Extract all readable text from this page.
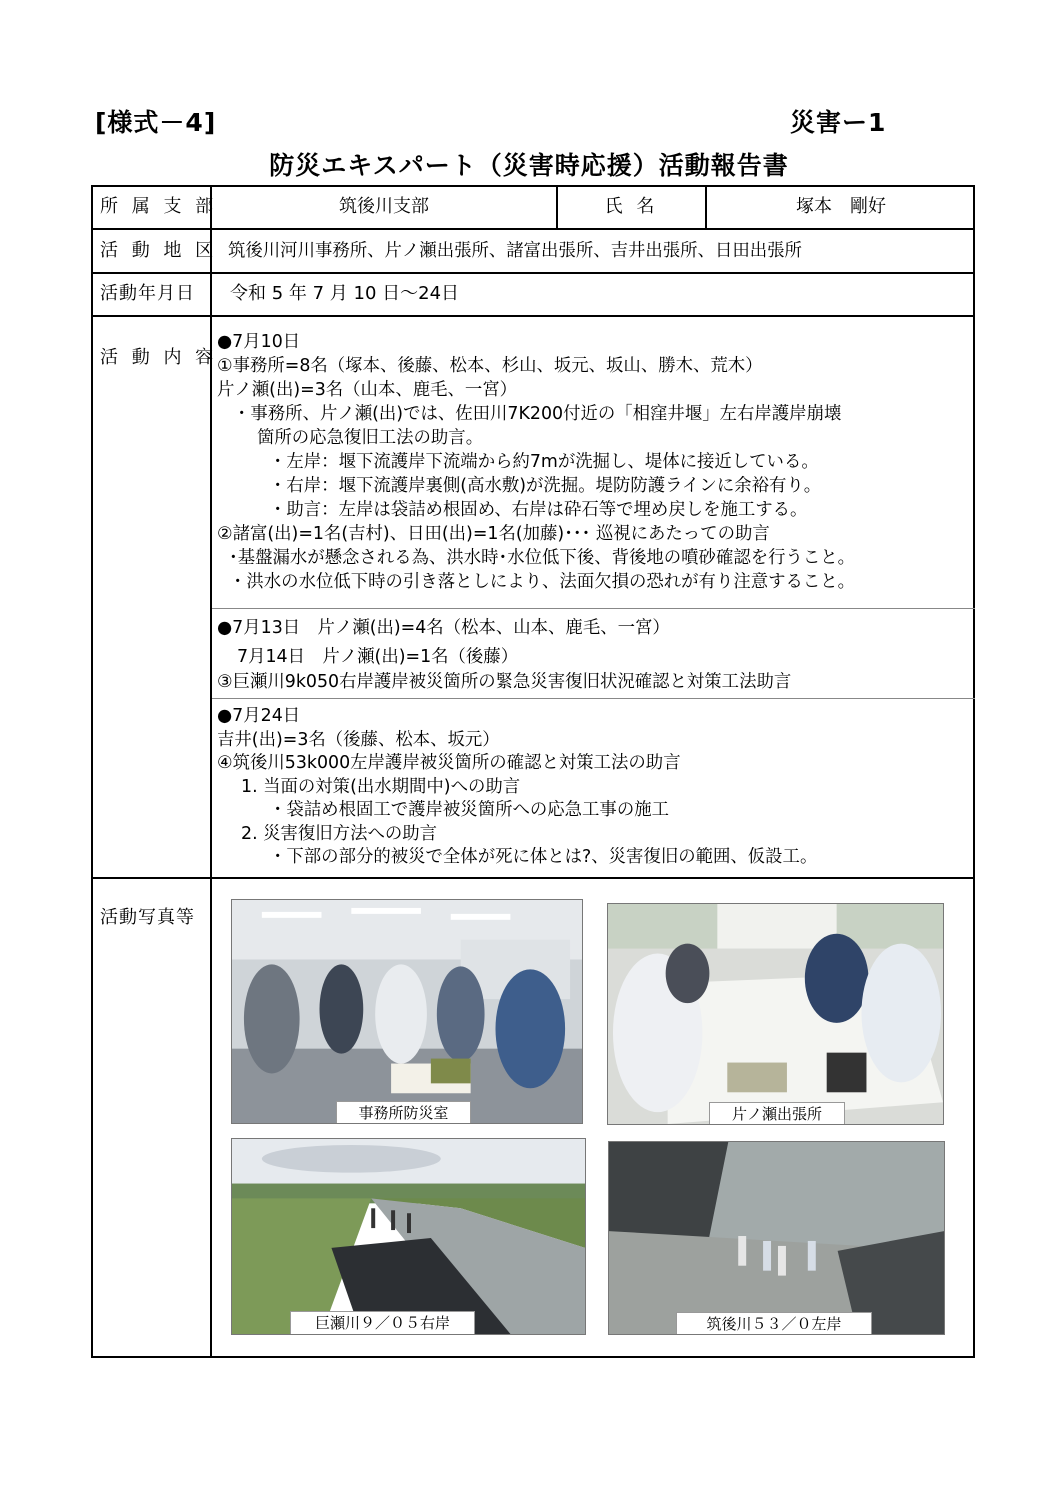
[様式－4]	災害ー1
防災エキスパート（災害時応援）活動報告書
所 属 支 部	筑後川支部	氏 名	塚本　剛好
活 動 地 区 筑後川河川事務所、片ノ瀬出張所、諸富出張所、吉井出張所、日田出張所
活動年月日 令和 5 年 7 月 10 日～24日
活 動 内 容
●7月10日
①事務所=8名（塚本、後藤、松本、杉山、坂元、坂山、勝木、荒木）
片ノ瀬(出)=3名（山本、鹿毛、一宮）
・事務所、片ノ瀬(出)では、佐田川7K200付近の「相窪井堰」左右岸護岸崩壊
箇所の応急復旧工法の助言。
・左岸：堰下流護岸下流端から約7mが洗掘し、堤体に接近している。
・右岸：堰下流護岸裏側(高水敷)が洗掘。堤防防護ラインに余裕有り。
・助言：左岸は袋詰め根固め、右岸は砕石等で埋め戻しを施工する。
②諸富(出)=1名(吉村)、日田(出)=1名(加藤)･･･ 巡視にあたっての助言
･基盤漏水が懸念される為、洪水時･水位低下後、背後地の噴砂確認を行うこと。
・洪水の水位低下時の引き落としにより、法面欠損の恐れが有り注意すること。
●7月13日　片ノ瀬(出)=4名（松本、山本、鹿毛、一宮）
7月14日　片ノ瀬(出)=1名（後藤）
③巨瀬川9k050右岸護岸被災箇所の緊急災害復旧状況確認と対策工法助言
●7月24日
吉井(出)=3名（後藤、松本、坂元）
④筑後川53k000左岸護岸被災箇所の確認と対策工法の助言
1. 当面の対策(出水期間中)への助言
・袋詰め根固工で護岸被災箇所への応急工事の施工
2. 災害復旧方法への助言
・下部の部分的被災で全体が死に体とは?、災害復旧の範囲、仮設工。
活動写真等
事務所防災室	片ノ瀬出張所
巨瀬川９／０５右岸	筑後川５３／０左岸
